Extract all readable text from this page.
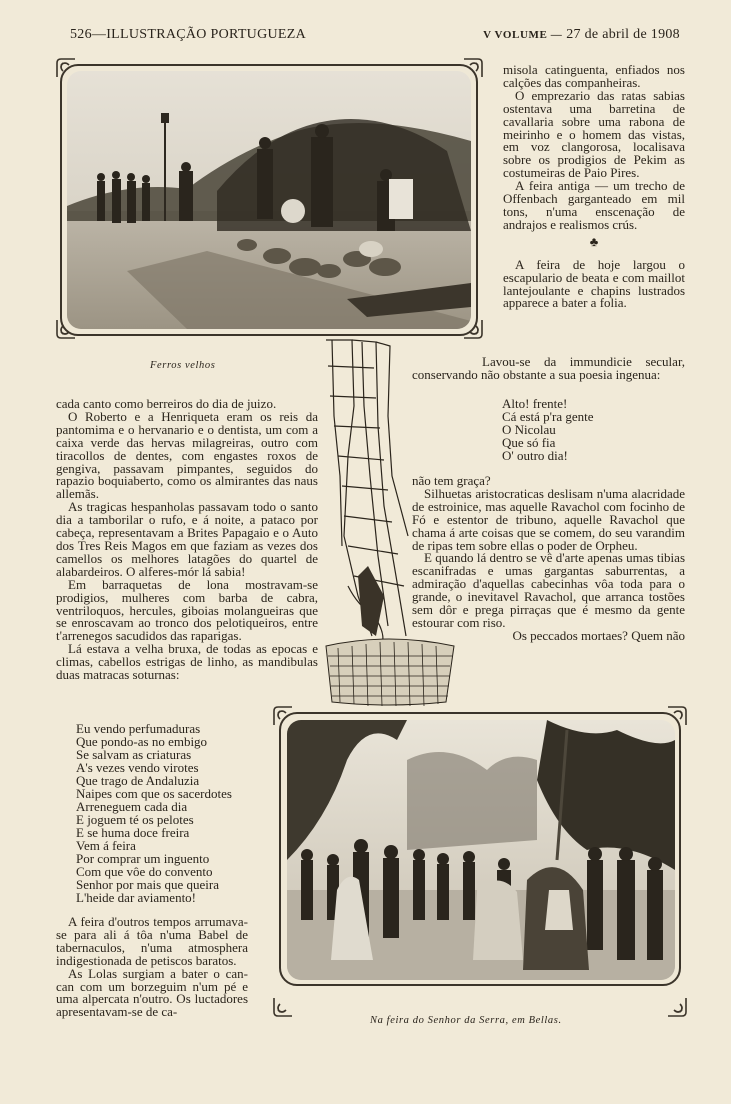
526—ILLUSTRAÇÃO PORTUGUEZA	V VOLUME — 27 de abril de 1908
Ferros velhos
Na feira do Senhor da Serra, em Bellas.

misola catinguenta, enfiados nos calções das companheiras.

O emprezario das ratas sabias ostentava uma barretina de cavallaria sobre uma rabona de meirinho e o homem das vistas, em voz clangorosa, localisava sobre os prodigios de Pekim as costumeiras de Paio Pires.

A feira antiga — um trecho de Offenbach garganteado em mil tons, n'uma enscenação de andrajos e realismos crús.

♣

A feira de hoje largou o escapulario de beata e com maillot lantejoulante e chapins lustrados apparece a bater a folia.

Lavou-se da immundicie secular, conservando não obstante a sua poesia ingenua:

Alto! frente!
Cá está p'ra gente
O Nicolau
Que só fia
O' outro dia!

não tem graça?

Silhuetas aristocraticas deslisam n'uma alacridade de estroinice, mas aquelle Ravachol com focinho de Fó e estentor de tribuno, aquelle Ravachol que chama á arte coisas que se comem, do seu varandim de ripas tem sobre ellas o poder de Orpheu.

E quando lá dentro se vê d'arte apenas umas tibias escanifradas e umas gargantas saburrentas, a admiração d'aquellas cabecinhas vôa toda para o grande, o inevitavel Ravachol, que arranca tostões sem dôr e prega pirraças que é mesmo da gente estourar com riso.

Os peccados mortaes? Quem não

cada canto como berreiros do dia de juizo.

O Roberto e a Henriqueta eram os reis da pantomima e o hervanario e o dentista, um com a caixa verde das hervas milagreiras, outro com tiracollos de dentes, com engastes roxos de gengiva, passavam pimpantes, seguidos do rapazio boquiaberto, como os almirantes das naus allemãs.

As tragicas hespanholas passavam todo o santo dia a tamborilar o rufo, e á noite, a pataco por cabeça, representavam a Brites Papagaio e o Auto dos Tres Reis Magos em que faziam as vezes dos camellos os melhores latagões do quartel de alabardeiros. O alferes-mór lá sabia!

Em barraquetas de lona mostravam-se prodigios, mulheres com barba de cabra, ventriloquos, hercules, giboias molangueiras que se enroscavam ao tronco dos pelotiqueiros, entre t'arrenegos sacudidos das raparigas.

Lá estava a velha bruxa, de todas as epocas e climas, cabellos estrigas de linho, as mandibulas duas matracas soturnas:

Eu vendo perfumaduras
Que pondo-as no embigo
Se salvam as criaturas
A's vezes vendo virotes
Que trago de Andaluzia
Naipes com que os sacerdotes
Arreneguem cada dia
E joguem té os pelotes
E se huma doce freira
Vem á feira
Por comprar um inguento
Com que vôe do convento
Senhor por mais que queira
L'heide dar aviamento!

A feira d'outros tempos arrumava-se para ali á tôa n'uma Babel de tabernaculos, n'uma atmosphera indigestionada de petiscos baratos.

As Lolas surgiam a bater o can-can com um borzeguim n'um pé e uma alpercata n'outro. Os luctadores apresentavam-se de ca-
